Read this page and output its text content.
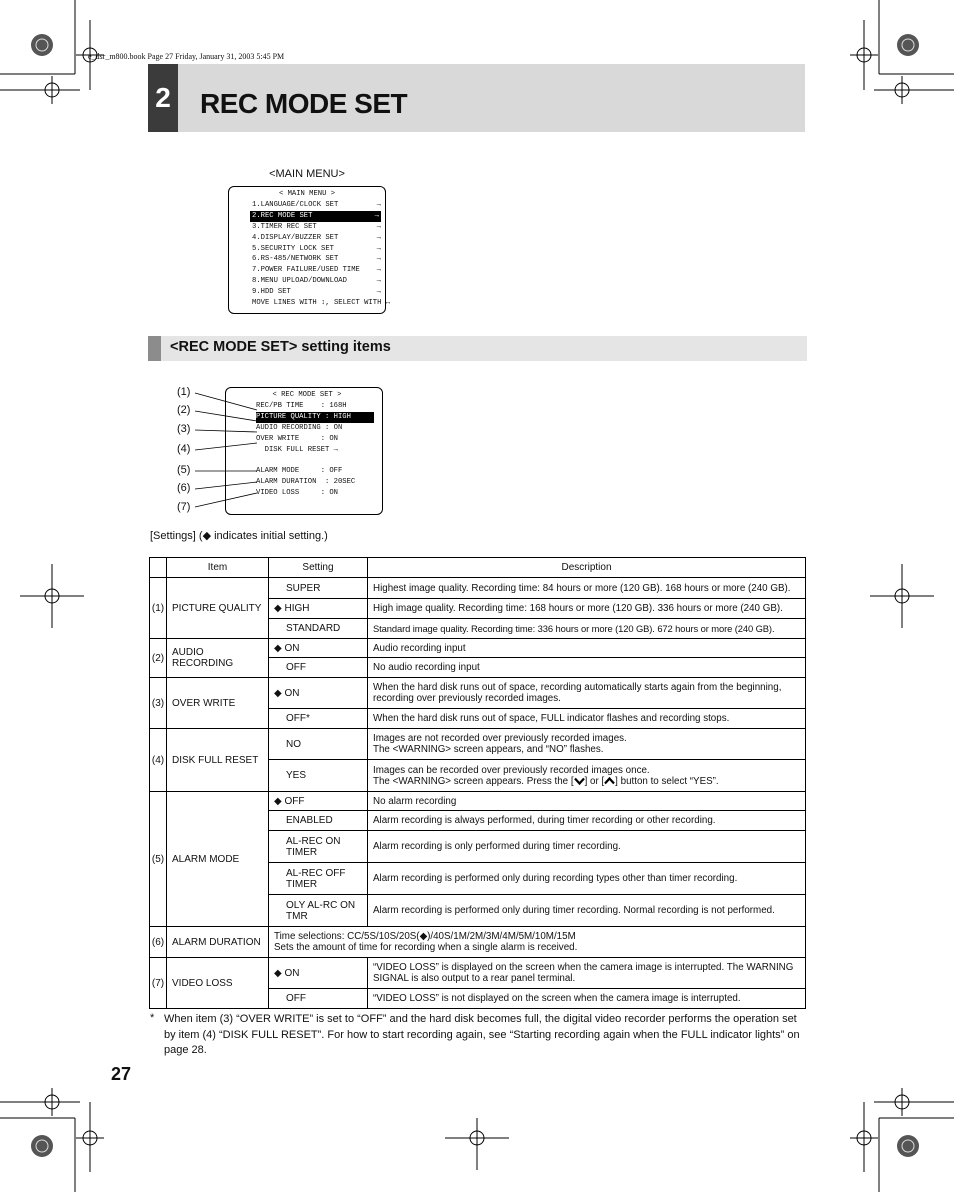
e_dsr_m800.book Page 27 Friday, January 31, 2003 5:45 PM
2 REC MODE SET
<MAIN MENU>
< MAIN MENU >
1.LANGUAGE/CLOCK SET	→
2.REC MODE SET	→
3.TIMER REC SET	→
4.DISPLAY/BUZZER SET	→
5.SECURITY LOCK SET	→
6.RS-485/NETWORK SET	→
7.POWER FAILURE/USED TIME →
8.MENU UPLOAD/DOWNLOAD	→
9.HDD SET	→
MOVE LINES WITH ↕, SELECT WITH ↔
<REC MODE SET> setting items
< REC MODE SET >
REC/PB TIME    : 168H
PICTURE QUALITY : HIGH
AUDIO RECORDING : ON
OVER WRITE     : ON
DISK FULL RESET →
ALARM MODE     : OFF
ALARM DURATION  : 20SEC
VIDEO LOSS     : ON
(1)
(2)
(3)
(4)
(5)
(6)
(7)
[Settings] (◆ indicates initial setting.)
	Item	Setting	Description
(1)	PICTURE QUALITY	SUPER	Highest image quality. Recording time: 84 hours or more (120 GB). 168 hours or more (240 GB).
		◆ HIGH	High image quality. Recording time: 168 hours or more (120 GB). 336 hours or more (240 GB).
		STANDARD	Standard image quality. Recording time: 336 hours or more (120 GB). 672 hours or more (240 GB).
(2)	AUDIO RECORDING	◆ ON	Audio recording input
		OFF	No audio recording input
(3)	OVER WRITE	◆ ON	When the hard disk runs out of space, recording automatically starts again from the beginning, recording over previously recorded images.
		OFF*	When the hard disk runs out of space, FULL indicator flashes and recording stops.
(4)	DISK FULL RESET	NO	Images are not recorded over previously recorded images.
The <WARNING> screen appears, and “NO” flashes.

		YES	Images can be recorded over previously recorded images once.
The <WARNING> screen appears. Press the [ ] or [ ] button to select “YES”.

(5)	ALARM MODE	◆ OFF	No alarm recording
		ENABLED	Alarm recording is always performed, during timer recording or other recording.
		AL-REC ON TIMER	Alarm recording is only performed during timer recording.
		AL-REC OFF TIMER	Alarm recording is performed only during recording types other than timer recording.
		OLY AL-RC ON TMR	Alarm recording is performed only during timer recording. Normal recording is not performed.
(6)	ALARM DURATION	Time selections: CC/5S/10S/20S(◆)/40S/1M/2M/3M/4M/5M/10M/15M
Sets the amount of time for recording when a single alarm is received.	

(7)	VIDEO LOSS	◆ ON	“VIDEO LOSS” is displayed on the screen when the camera image is interrupted. The WARNING SIGNAL is also output to a rear panel terminal.
		OFF	“VIDEO LOSS” is not displayed on the screen when the camera image is interrupted.
* When item (3) “OVER WRITE” is set to “OFF” and the hard disk becomes full, the digital video recorder performs the operation set by item (4) “DISK FULL RESET”. For how to start recording again, see “Starting recording again when the FULL indicator lights” on page 28.
27
